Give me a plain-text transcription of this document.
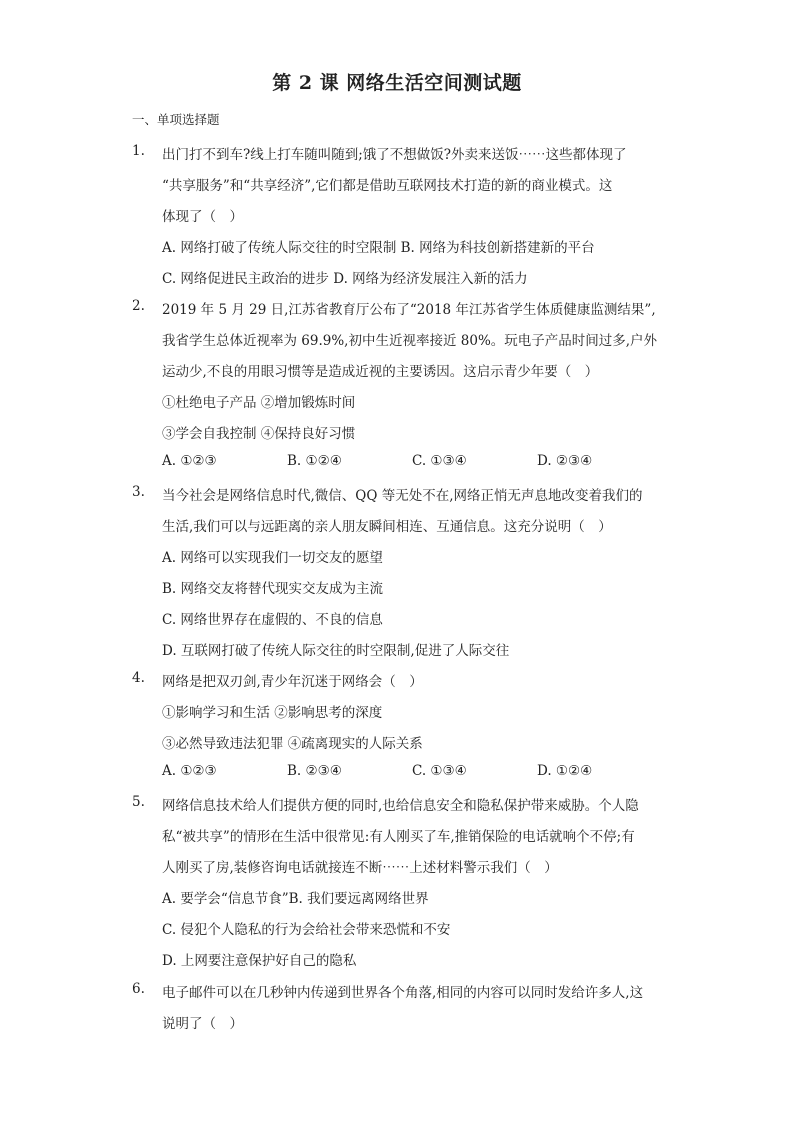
第 2 课 网络生活空间测试题
一、单项选择题
1.	出门打不到车?线上打车随叫随到;饿了不想做饭?外卖来送饭⋯⋯这些都体现了
“共享服务”和“共享经济”,它们都是借助互联网技术打造的新的商业模式。这
体现了（　）
A. 网络打破了传统人际交往的时空限制 B. 网络为科技创新搭建新的平台
C. 网络促进民主政治的进步 D. 网络为经济发展注入新的活力
2.	2019 年 5 月 29 日,江苏省教育厅公布了“2018 年江苏省学生体质健康监测结果”,
我省学生总体近视率为 69.9%,初中生近视率接近 80%。玩电子产品时间过多,户外
运动少,不良的用眼习惯等是造成近视的主要诱因。这启示青少年要（　）
①杜绝电子产品 ②增加锻炼时间
③学会自我控制 ④保持良好习惯
A. ①②③	B. ①②④	C. ①③④	D. ②③④
3.	当今社会是网络信息时代,微信、QQ 等无处不在,网络正悄无声息地改变着我们的
生活,我们可以与远距离的亲人朋友瞬间相连、互通信息。这充分说明（　）
A. 网络可以实现我们一切交友的愿望
B. 网络交友将替代现实交友成为主流
C. 网络世界存在虚假的、不良的信息
D. 互联网打破了传统人际交往的时空限制,促进了人际交往
4.	网络是把双刃剑,青少年沉迷于网络会（　）
①影响学习和生活 ②影响思考的深度
③必然导致违法犯罪 ④疏离现实的人际关系
A. ①②③	B. ②③④	C. ①③④	D. ①②④
5.	网络信息技术给人们提供方便的同时,也给信息安全和隐私保护带来威胁。个人隐
私“被共享”的情形在生活中很常见:有人刚买了车,推销保险的电话就响个不停;有
人刚买了房,装修咨询电话就接连不断⋯⋯上述材料警示我们（　）
A. 要学会“信息节食”B. 我们要远离网络世界
C. 侵犯个人隐私的行为会给社会带来恐慌和不安
D. 上网要注意保护好自己的隐私
6.	电子邮件可以在几秒钟内传递到世界各个角落,相同的内容可以同时发给许多人,这
说明了（　）
